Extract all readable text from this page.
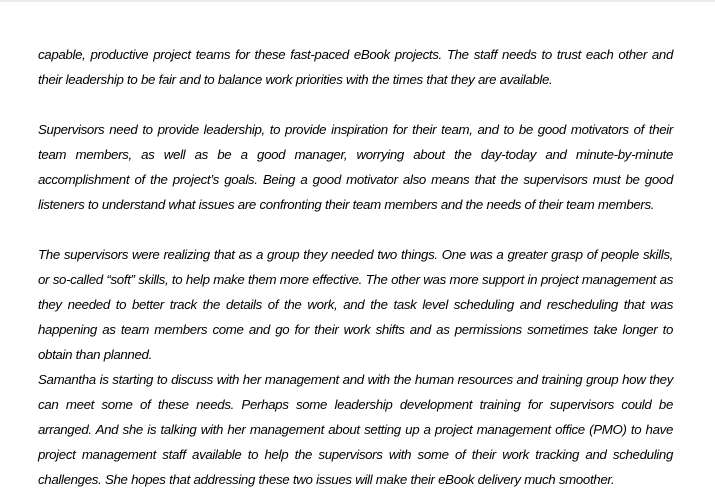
capable, productive project teams for these fast-paced eBook projects. The staff needs to trust each other and their leadership to be fair and to balance work priorities with the times that they are available.

Supervisors need to provide leadership, to provide inspiration for their team, and to be good motivators of their team members, as well as be a good manager, worrying about the day-today and minute-by-minute accomplishment of the project’s goals. Being a good motivator also means that the supervisors must be good listeners to understand what issues are confronting their team members and the needs of their team members.

The supervisors were realizing that as a group they needed two things. One was a greater grasp of people skills, or so-called “soft” skills, to help make them more effective. The other was more support in project management as they needed to better track the details of the work, and the task level scheduling and rescheduling that was happening as team members come and go for their work shifts and as permissions sometimes take longer to obtain than planned.

Samantha is starting to discuss with her management and with the human resources and training group how they can meet some of these needs. Perhaps some leadership development training for supervisors could be arranged. And she is talking with her management about setting up a project management office (PMO) to have project management staff available to help the supervisors with some of their work tracking and scheduling challenges. She hopes that addressing these two issues will make their eBook delivery much smoother.
